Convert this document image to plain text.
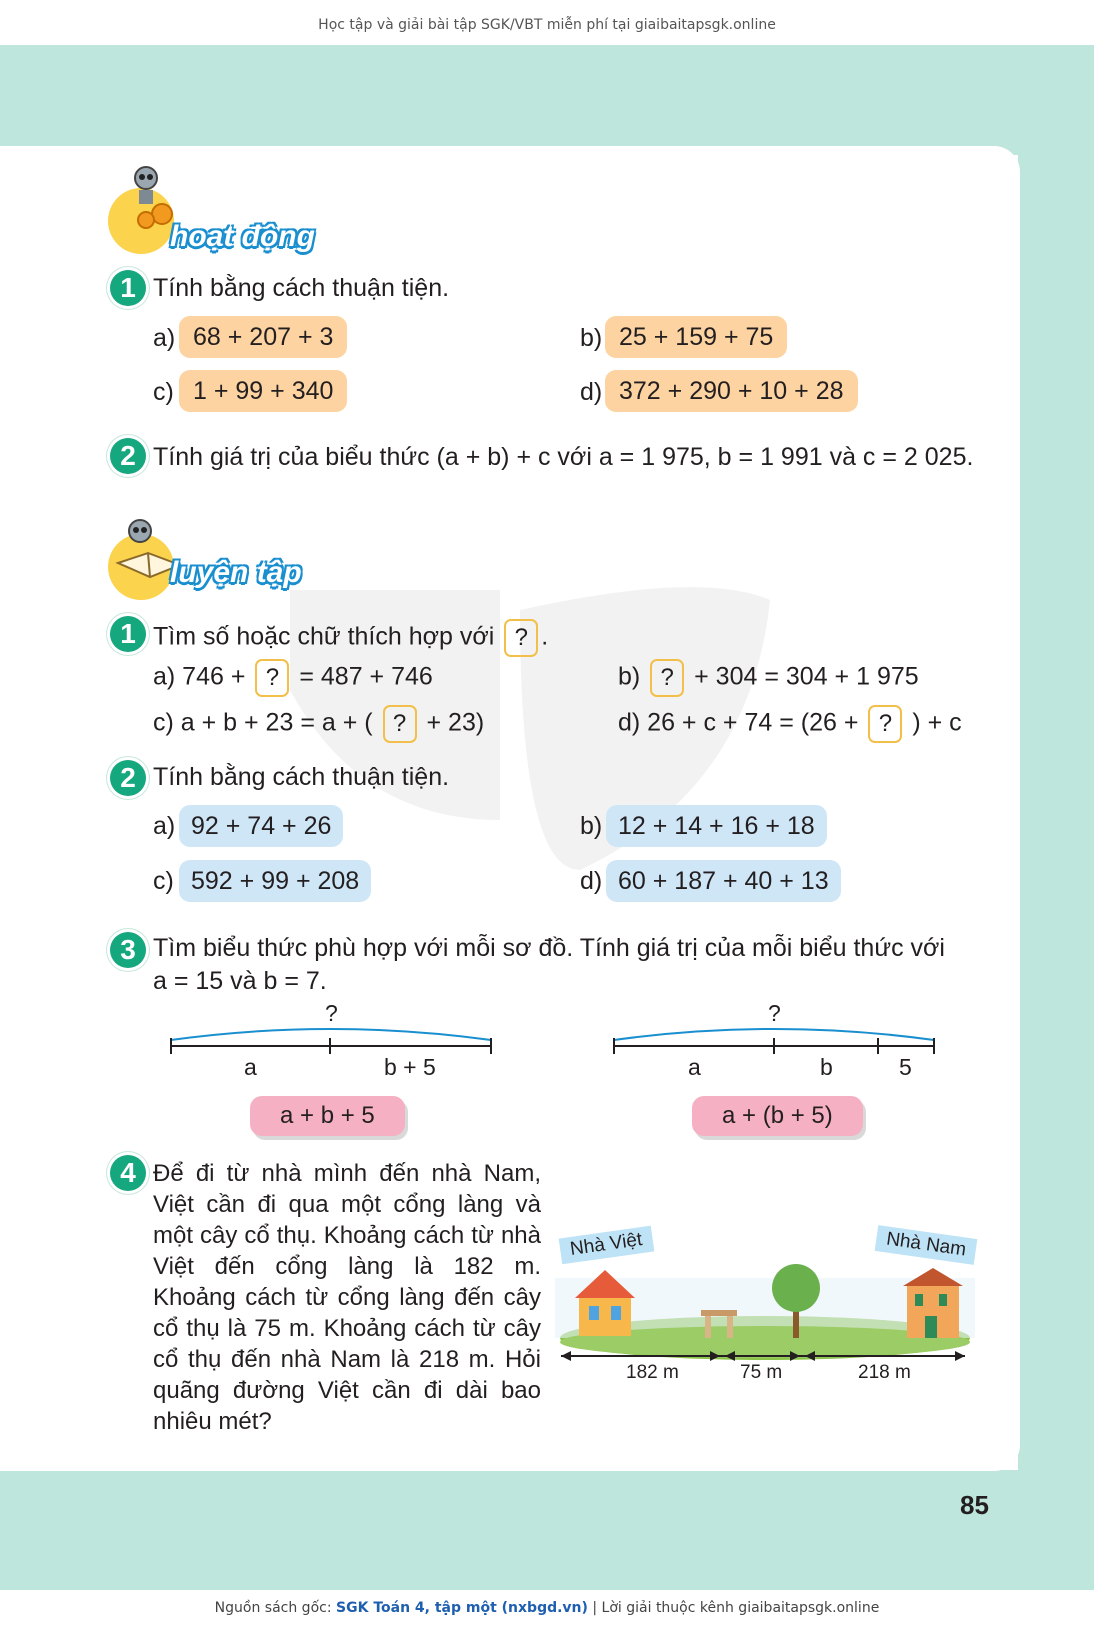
Học tập và giải bài tập SGK/VBT miễn phí tại giaibaitapsgk.online
hoạt động
1 Tính bằng cách thuận tiện.
a) 68 + 207 + 3	b) 25 + 159 + 75
c) 1 + 99 + 340	d) 372 + 290 + 10 + 28
2 Tính giá trị của biểu thức (a + b) + c với a = 1 975, b = 1 991 và c = 2 025.
luyện tập
1 Tìm số hoặc chữ thích hợp với ? .
a) 746 + ? = 487 + 746	b) ? + 304 = 304 + 1 975
c) a + b + 23 = a + ( ? + 23)	d) 26 + c + 74 = (26 + ? ) + c
2 Tính bằng cách thuận tiện.
a) 92 + 74 + 26	b) 12 + 14 + 16 + 18
c) 592 + 99 + 208	d) 60 + 187 + 40 + 13
3 Tìm biểu thức phù hợp với mỗi sơ đồ. Tính giá trị của mỗi biểu thức với
a = 15 và b = 7.
?
a	b + 5
a + b + 5
?
a	b	5
a + (b + 5)
4 Để đi từ nhà mình đến nhà Nam, Việt cần đi qua một cổng làng và một cây cổ thụ. Khoảng cách từ nhà Việt đến cổng làng là 182 m. Khoảng cách từ cổng làng đến cây cổ thụ là 75 m. Khoảng cách từ cây cổ thụ đến nhà Nam là 218 m. Hỏi quãng đường Việt cần đi dài bao nhiêu mét?
Nhà Việt	Nhà Nam
182 m	75 m	218 m
85
Nguồn sách gốc: SGK Toán 4, tập một (nxbgd.vn) | Lời giải thuộc kênh giaibaitapsgk.online
